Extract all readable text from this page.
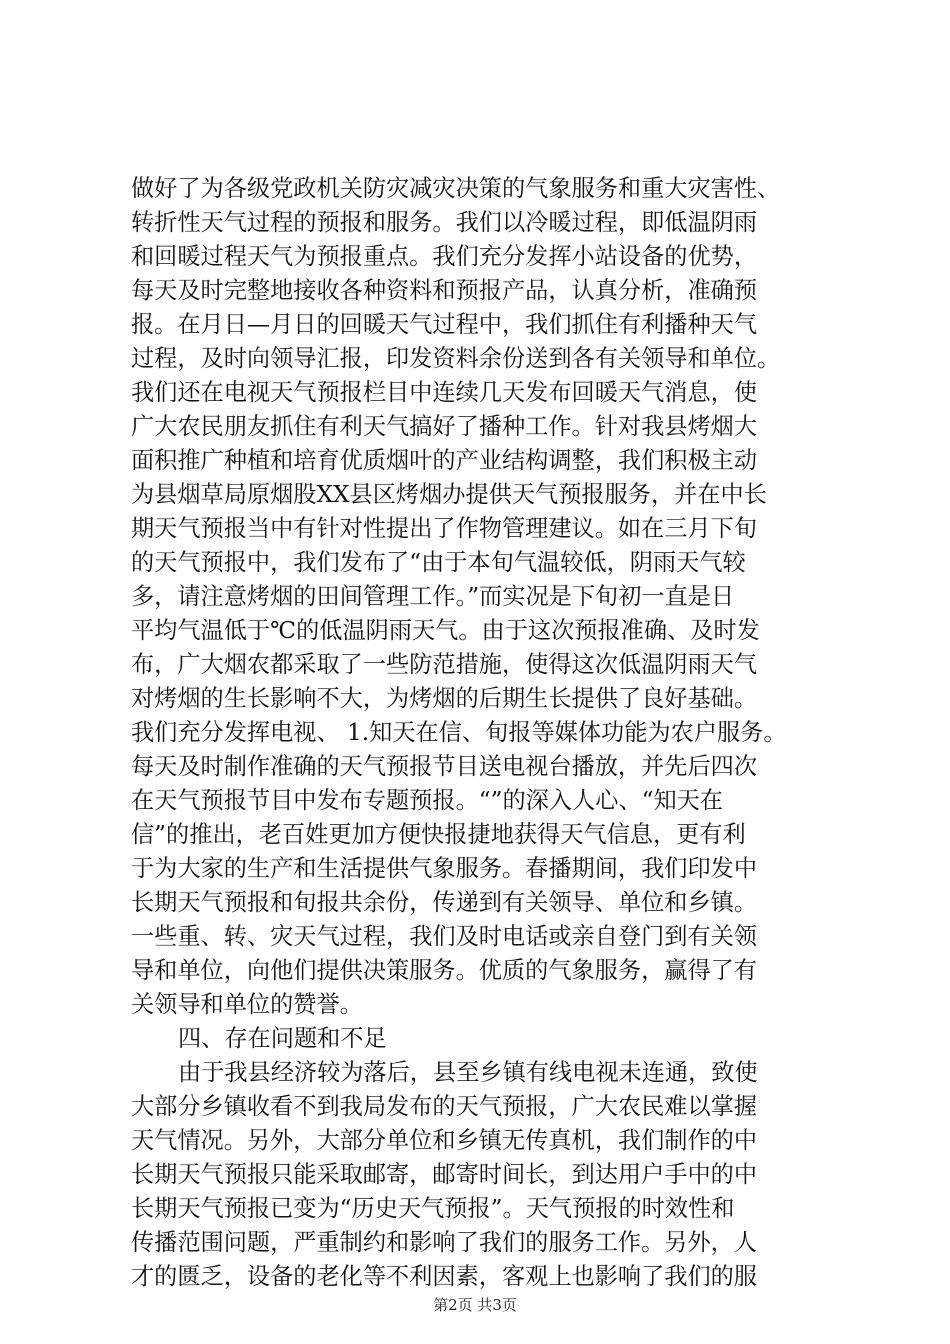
做好了为各级党政机关防灾减灾决策的气象服务和重大灾害性、
转折性天气过程的预报和服务。我们以冷暖过程，即低温阴雨
和回暖过程天气为预报重点。我们充分发挥小站设备的优势，
每天及时完整地接收各种资料和预报产品，认真分析，准确预
报。在月日—月日的回暖天气过程中，我们抓住有利播种天气
过程，及时向领导汇报，印发资料余份送到各有关领导和单位。
我们还在电视天气预报栏目中连续几天发布回暖天气消息，使
广大农民朋友抓住有利天气搞好了播种工作。针对我县烤烟大
面积推广种植和培育优质烟叶的产业结构调整，我们积极主动
为县烟草局原烟股XX县区烤烟办提供天气预报服务，并在中长
期天气预报当中有针对性提出了作物管理建议。如在三月下旬
的天气预报中，我们发布了“由于本旬气温较低，阴雨天气较
多，请注意烤烟的田间管理工作。”而实况是下旬初一直是日
平均气温低于℃的低温阴雨天气。由于这次预报准确、及时发
布，广大烟农都采取了一些防范措施，使得这次低温阴雨天气
对烤烟的生长影响不大，为烤烟的后期生长提供了良好基础。
我们充分发挥电视、 1.知天在信、旬报等媒体功能为农户服务。
每天及时制作准确的天气预报节目送电视台播放，并先后四次
在天气预报节目中发布专题预报。“”的深入人心、“知天在
信”的推出，老百姓更加方便快报捷地获得天气信息，更有利
于为大家的生产和生活提供气象服务。春播期间，我们印发中
长期天气预报和旬报共余份，传递到有关领导、单位和乡镇。
一些重、转、灾天气过程，我们及时电话或亲自登门到有关领
导和单位，向他们提供决策服务。优质的气象服务，赢得了有
关领导和单位的赞誉。
四、存在问题和不足
由于我县经济较为落后，县至乡镇有线电视未连通，致使
大部分乡镇收看不到我局发布的天气预报，广大农民难以掌握
天气情况。另外，大部分单位和乡镇无传真机，我们制作的中
长期天气预报只能采取邮寄，邮寄时间长，到达用户手中的中
长期天气预报已变为“历史天气预报”。天气预报的时效性和
传播范围问题，严重制约和影响了我们的服务工作。另外，人
才的匮乏，设备的老化等不利因素，客观上也影响了我们的服
第2页 共3页
